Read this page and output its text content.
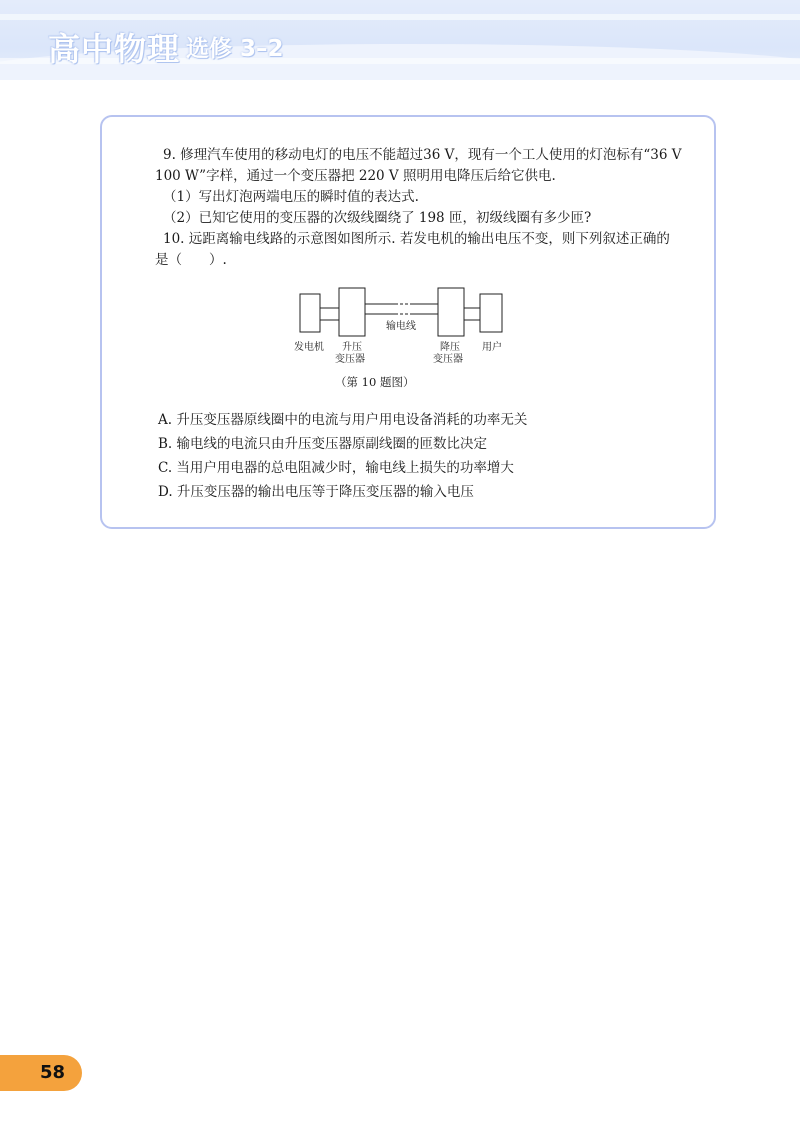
高中物理 选修 3–2

9. 修理汽车使用的移动电灯的电压不能超过36 V，现有一个工人使用的灯泡标有“36 V

100 W”字样，通过一个变压器把 220 V 照明用电降压后给它供电.

（1）写出灯泡两端电压的瞬时值的表达式.

（2）已知它使用的变压器的次级线圈绕了 198 匝，初级线圈有多少匝?

10. 远距离输电线路的示意图如图所示. 若发电机的输出电压不变，则下列叙述正确的

是（　　）.

输电线
发电机 升压
变压器
降压
变压器
用户
（第 10 题图）

A. 升压变压器原线圈中的电流与用户用电设备消耗的功率无关

B. 输电线的电流只由升压变压器原副线圈的匝数比决定

C. 当用户用电器的总电阻减少时，输电线上损失的功率增大

D. 升压变压器的输出电压等于降压变压器的输入电压

58
